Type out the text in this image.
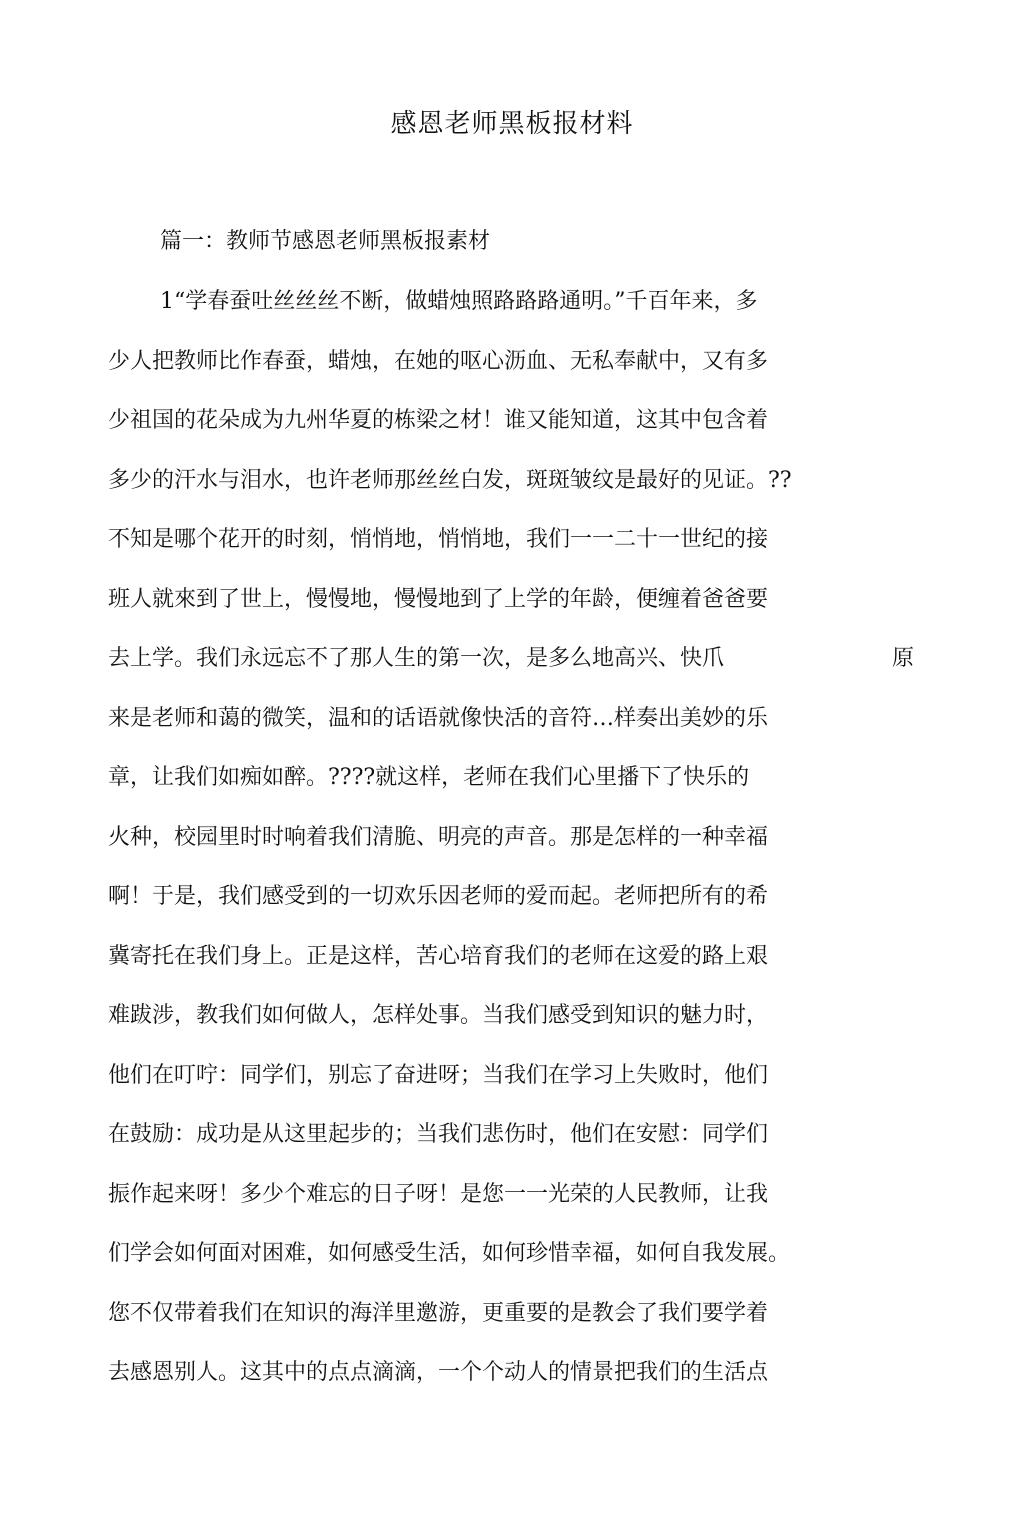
感恩老师黑板报材料
篇一：教师节感恩老师黑板报素材
1“学春蚕吐丝丝丝不断，做蜡烛照路路路通明。”千百年来，多
少人把教师比作春蚕，蜡烛，在她的呕心沥血、无私奉献中，又有多
少祖国的花朵成为九州华夏的栋梁之材！谁又能知道，这其中包含着
多少的汗水与泪水，也许老师那丝丝白发，斑斑皱纹是最好的见证。??
不知是哪个花开的时刻，悄悄地，悄悄地，我们一一二十一世纪的接
班人就來到了世上，慢慢地，慢慢地到了上学的年龄，便缠着爸爸要
去上学。我们永远忘不了那人生的第一次，是多么地高兴、快爪	原
来是老师和蔼的微笑，温和的话语就像快活的音符…样奏出美妙的乐
章，让我们如痴如醉。????就这样，老师在我们心里播下了快乐的
火种，校园里时时响着我们清脆、明亮的声音。那是怎样的一种幸福
啊！于是，我们感受到的一切欢乐因老师的爱而起。老师把所有的希
冀寄托在我们身上。正是这样，苦心培育我们的老师在这爱的路上艰
难跋涉，教我们如何做人，怎样处事。当我们感受到知识的魅力时，
他们在叮咛：同学们，别忘了奋进呀；当我们在学习上失败时，他们
在鼓励：成功是从这里起步的；当我们悲伤时，他们在安慰：同学们
振作起来呀！多少个难忘的日子呀！是您一一光荣的人民教师，让我
们学会如何面对困难，如何感受生活，如何珍惜幸福，如何自我发展。
您不仅带着我们在知识的海洋里邀游，更重要的是教会了我们要学着
去感恩别人。这其中的点点滴滴，一个个动人的情景把我们的生活点
